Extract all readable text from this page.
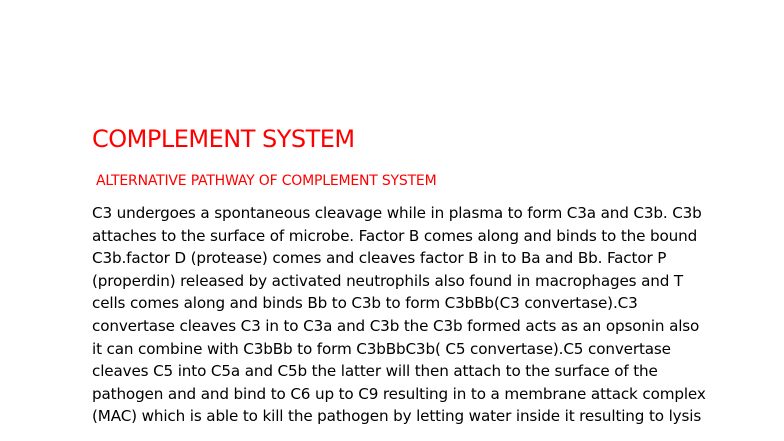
COMPLEMENT SYSTEM
ALTERNATIVE PATHWAY OF COMPLEMENT SYSTEM
C3 undergoes a spontaneous cleavage while in plasma to form C3a and C3b. C3b
attaches to the surface of microbe. Factor B comes along and binds to the bound
C3b.factor D (protease) comes and cleaves factor B in to Ba and Bb. Factor P
(properdin) released by activated neutrophils also found in macrophages and T
cells comes along and binds Bb to C3b to form C3bBb(C3 convertase).C3
convertase cleaves C3 in to C3a and C3b the C3b formed acts as an opsonin also
it can combine with C3bBb to form C3bBbC3b( C5 convertase).C5 convertase
cleaves C5 into C5a and C5b the latter will then attach to the surface of the
pathogen and and bind to C6 up to C9 resulting in to a membrane attack complex
(MAC) which is able to kill the pathogen by letting water inside it resulting to lysis
